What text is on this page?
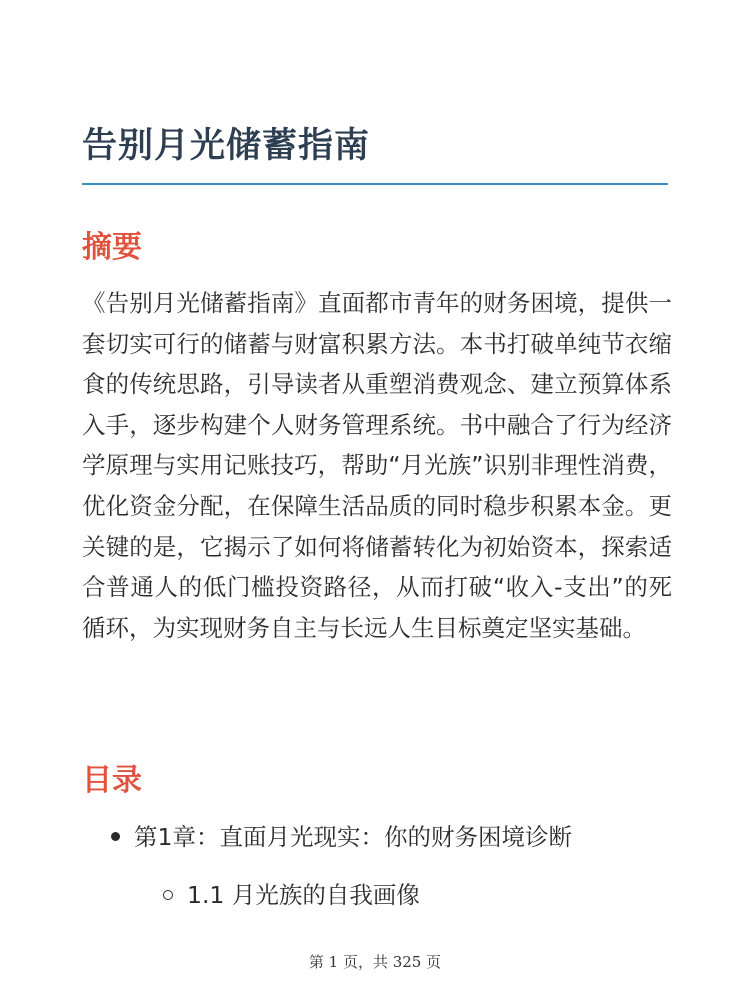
告别月光储蓄指南
摘要

《告别月光储蓄指南》直面都市青年的财务困境，提供一套切实可行的储蓄与财富积累方法。本书打破单纯节衣缩食的传统思路，引导读者从重塑消费观念、建立预算体系入手，逐步构建个人财务管理系统。书中融合了行为经济学原理与实用记账技巧，帮助“月光族”识别非理性消费，优化资金分配，在保障生活品质的同时稳步积累本金。更关键的是，它揭示了如何将储蓄转化为初始资本，探索适合普通人的低门槛投资路径，从而打破“收入-支出”的死循环，为实现财务自主与长远人生目标奠定坚实基础。

目录
第1章：直面月光现实：你的财务困境诊断
1.1 月光族的自我画像
第 1 页，共 325 页
